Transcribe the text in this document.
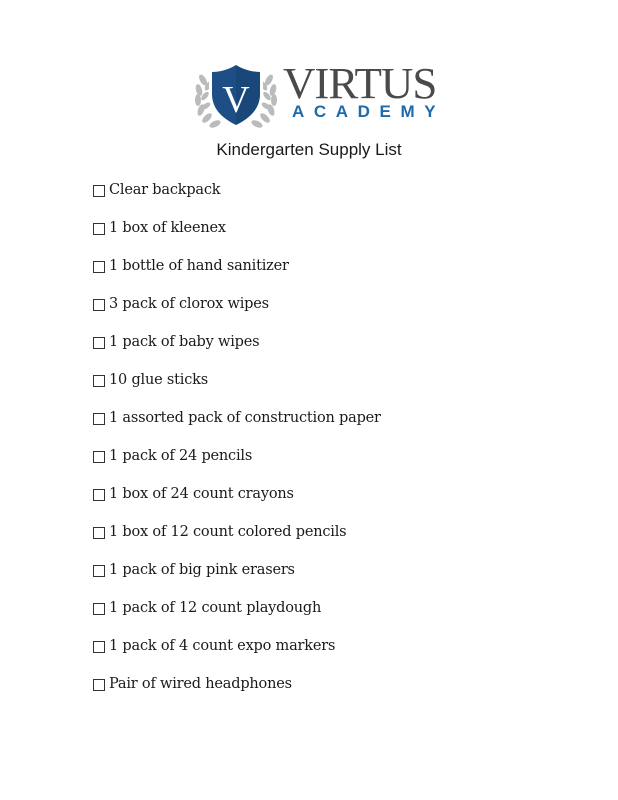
V VIRTUS
ACADEMY
Kindergarten Supply List
Clear backpack
1 box of kleenex
1 bottle of hand sanitizer
3 pack of clorox wipes
1 pack of baby wipes
10 glue sticks
1 assorted pack of construction paper
1 pack of 24 pencils
1 box of 24 count crayons
1 box of 12 count colored pencils
1 pack of big pink erasers
1 pack of 12 count playdough
1 pack of 4 count expo markers
Pair of wired headphones
